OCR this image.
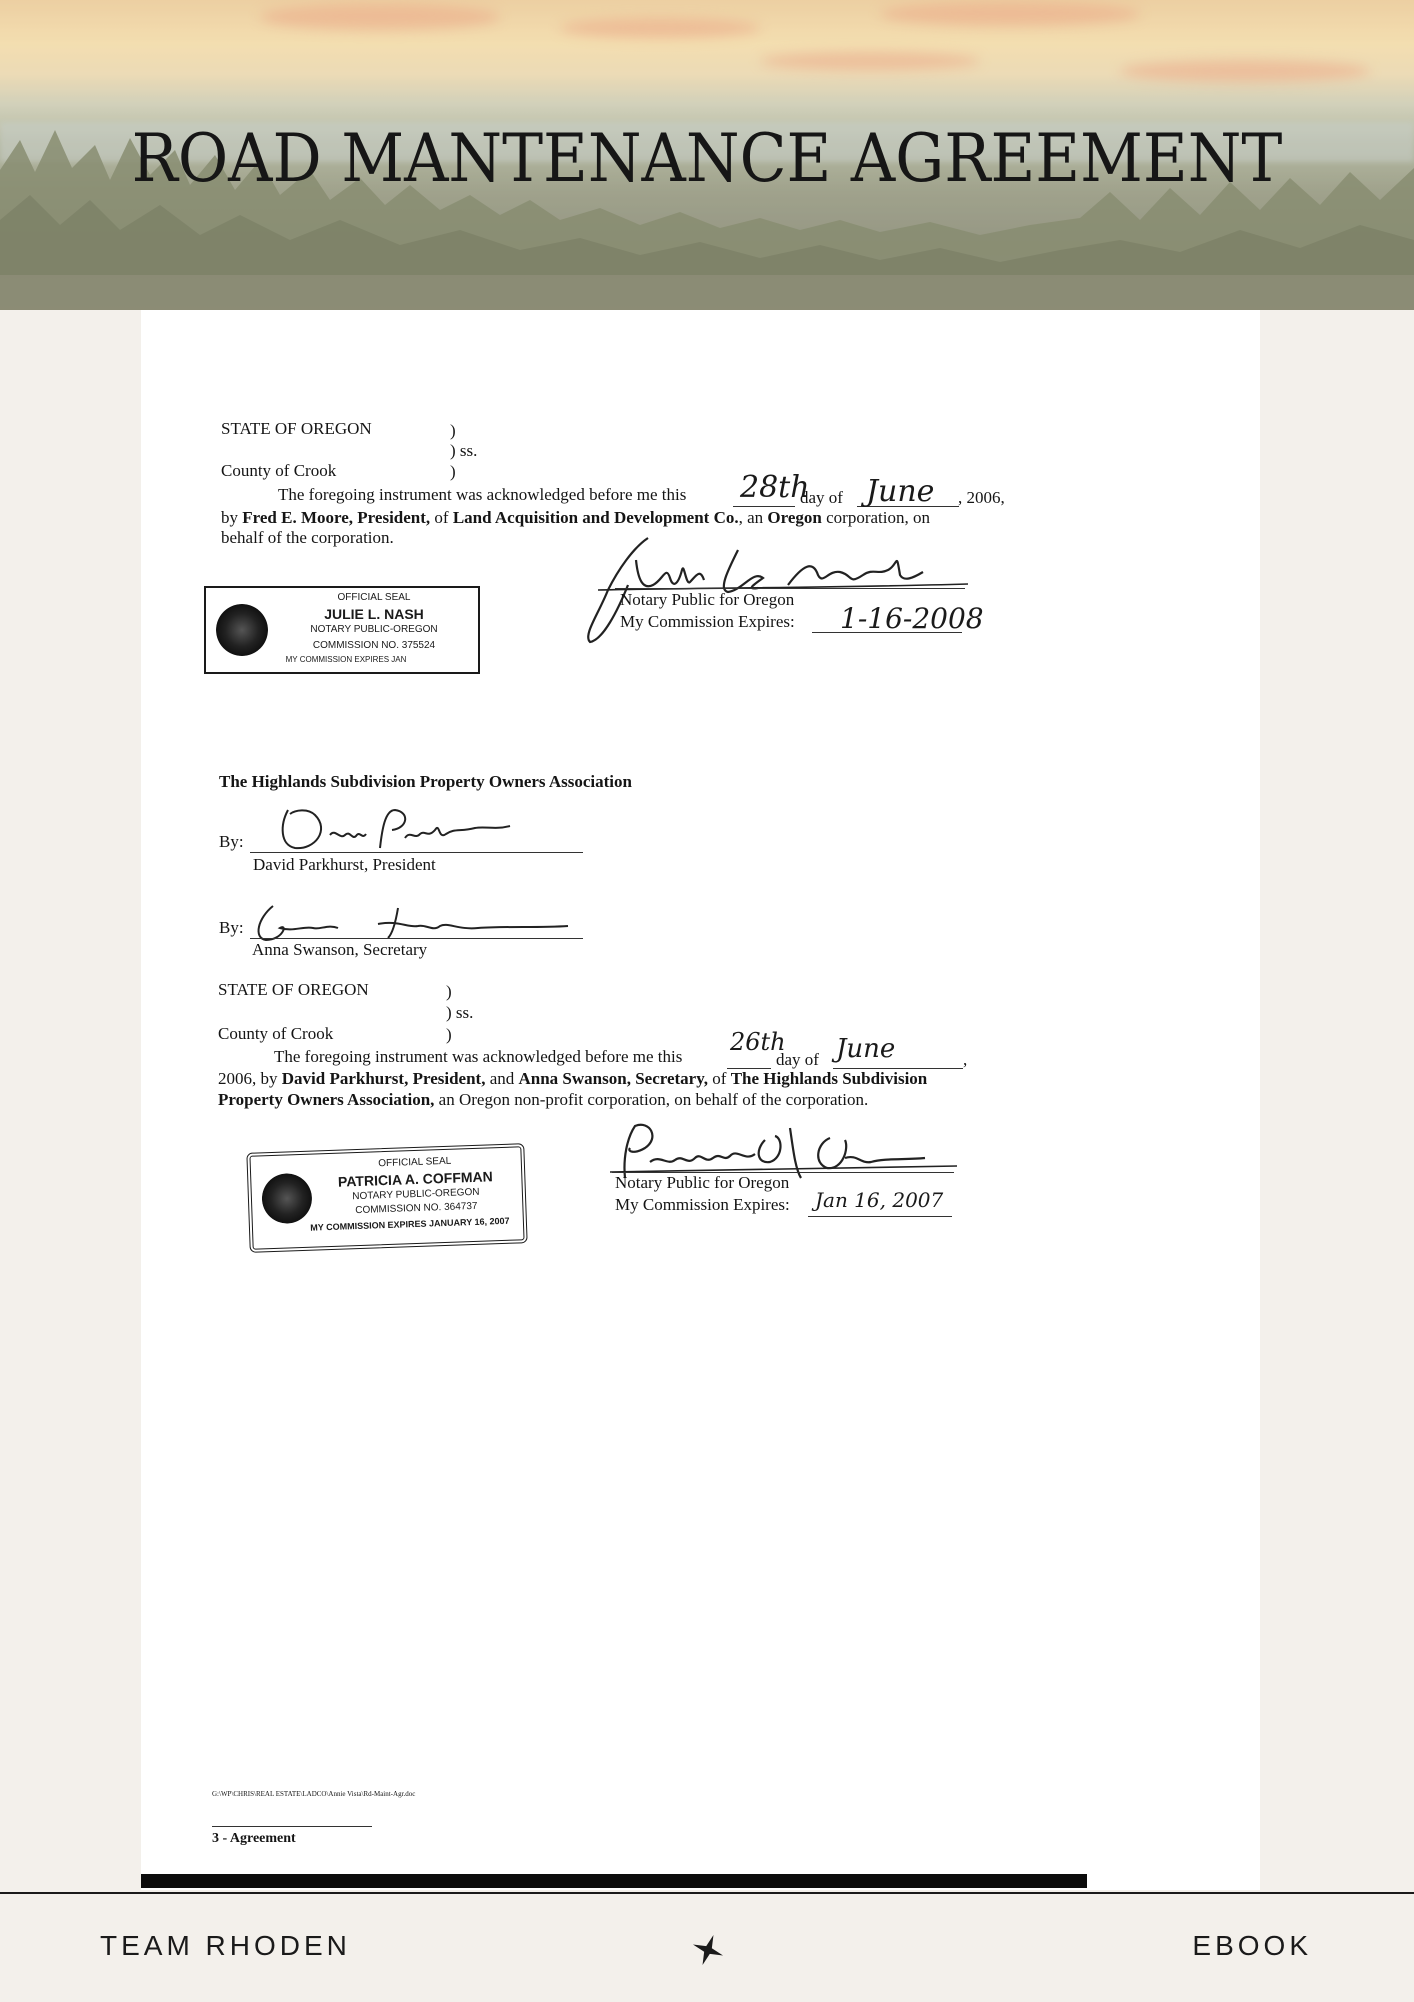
ROAD MANTENANCE AGREEMENT
STATE OF OREGON	)
) ss.
County of Crook	)
The foregoing instrument was acknowledged before me this 28th
day of June , 2006,
by Fred E. Moore, President, of Land Acquisition and Development Co., an Oregon corporation, on
behalf of the corporation.
Notary Public for Oregon
My Commission Expires: 1-16-2008
OFFICIAL SEAL
JULIE L. NASH
NOTARY PUBLIC-OREGON
COMMISSION NO. 375524
MY COMMISSION EXPIRES JAN
The Highlands Subdivision Property Owners Association
By:
David Parkhurst, President
By:
Anna Swanson, Secretary
STATE OF OREGON	)
) ss.
County of Crook	)
The foregoing instrument was acknowledged before me this
26th
day of June	,
2006, by David Parkhurst, President, and Anna Swanson, Secretary, of The Highlands Subdivision
Property Owners Association, an Oregon non-profit corporation, on behalf of the corporation.
Notary Public for Oregon
My Commission Expires: Jan 16, 2007
OFFICIAL SEAL
PATRICIA A. COFFMAN
NOTARY PUBLIC-OREGON
COMMISSION NO. 364737
MY COMMISSION EXPIRES JANUARY 16, 2007
G:\WP\CHRIS\REAL ESTATE\LADCO\Annie Vista\Rd-Maint-Agr.doc
3 - Agreement
TEAM RHODEN	EBOOK
